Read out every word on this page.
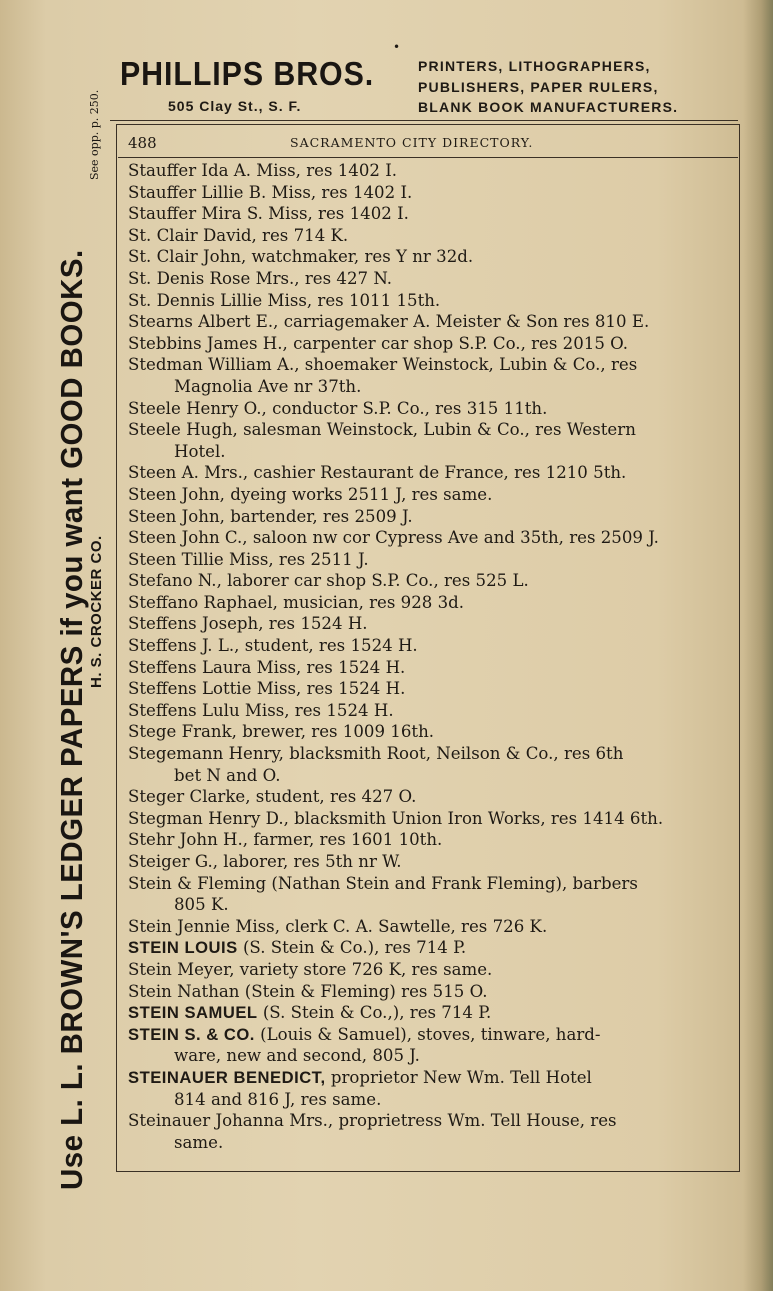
•
PHILLIPS BROS.
505 Clay St., S. F.
PRINTERS, LITHOGRAPHERS,
PUBLISHERS, PAPER RULERS,
BLANK BOOK MANUFACTURERS.
Use L. L. BROWN'S LEDGER PAPERS if you want GOOD BOOKS. H. S. CROCKER CO.
See opp. p. 250. 488	SACRAMENTO CITY DIRECTORY.
Stauffer Ida A. Miss, res 1402 I.
Stauffer Lillie B. Miss, res 1402 I.
Stauffer Mira S. Miss, res 1402 I.
St. Clair David, res 714 K.
St. Clair John, watchmaker, res Y nr 32d.
St. Denis Rose Mrs., res 427 N.
St. Dennis Lillie Miss, res 1011 15th.
Stearns Albert E., carriagemaker A. Meister & Son res 810 E.
Stebbins James H., carpenter car shop S.P. Co., res 2015 O.
Stedman William A., shoemaker Weinstock, Lubin & Co., res
Magnolia Ave nr 37th.
Steele Henry O., conductor S.P. Co., res 315 11th.
Steele Hugh, salesman Weinstock, Lubin & Co., res Western
Hotel.
Steen A. Mrs., cashier Restaurant de France, res 1210 5th.
Steen John, dyeing works 2511 J, res same.
Steen John, bartender, res 2509 J.
Steen John C., saloon nw cor Cypress Ave and 35th, res 2509 J.
Steen Tillie Miss, res 2511 J.
Stefano N., laborer car shop S.P. Co., res 525 L.
Steffano Raphael, musician, res 928 3d.
Steffens Joseph, res 1524 H.
Steffens J. L., student, res 1524 H.
Steffens Laura Miss, res 1524 H.
Steffens Lottie Miss, res 1524 H.
Steffens Lulu Miss, res 1524 H.
Stege Frank, brewer, res 1009 16th.
Stegemann Henry, blacksmith Root, Neilson & Co., res 6th
bet N and O.
Steger Clarke, student, res 427 O.
Stegman Henry D., blacksmith Union Iron Works, res 1414 6th.
Stehr John H., farmer, res 1601 10th.
Steiger G., laborer, res 5th nr W.
Stein & Fleming (Nathan Stein and Frank Fleming), barbers
805 K.
Stein Jennie Miss, clerk C. A. Sawtelle, res 726 K.
STEIN LOUIS (S. Stein & Co.), res 714 P.
Stein Meyer, variety store 726 K, res same.
Stein Nathan (Stein & Fleming) res 515 O.
STEIN SAMUEL (S. Stein & Co.,), res 714 P.
STEIN S. & CO. (Louis & Samuel), stoves, tinware, hard-
ware, new and second, 805 J.
STEINAUER BENEDICT, proprietor New Wm. Tell Hotel
814 and 816 J, res same.
Steinauer Johanna Mrs., proprietress Wm. Tell House, res
same.
